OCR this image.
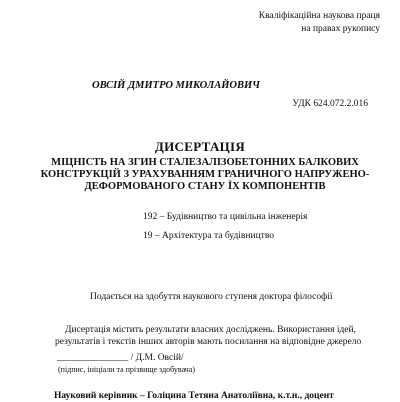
Кваліфікаційна наукова праця
на правах рукопису
ОВСІЙ ДМИТРО МИКОЛАЙОВИЧ
УДК 624.072.2.016
ДИСЕРТАЦІЯ
МІЦНІСТЬ НА ЗГИН СТАЛЕЗАЛІЗОБЕТОННИХ БАЛКОВИХ КОНСТРУКЦІЙ З УРАХУВАННЯМ ГРАНИЧНОГО НАПРУЖЕНО-ДЕФОРМОВАНОГО СТАНУ ЇХ КОМПОНЕНТІВ
192 – Будівництво та цивільна інженерія
19 – Архітектура та будівництво
Подається на здобуття наукового ступеня доктора філософії
Дисертація містить результати власних досліджень. Використання ідей,
результатів і текстів інших авторів мають посилання на відповідне джерело
_______________ / Д.М. Овсій/
(підпис, ініціали та прізвище здобувача)
Науковий керівник – Голіцина Тетяна Анатоліївна, к.т.н., доцент
